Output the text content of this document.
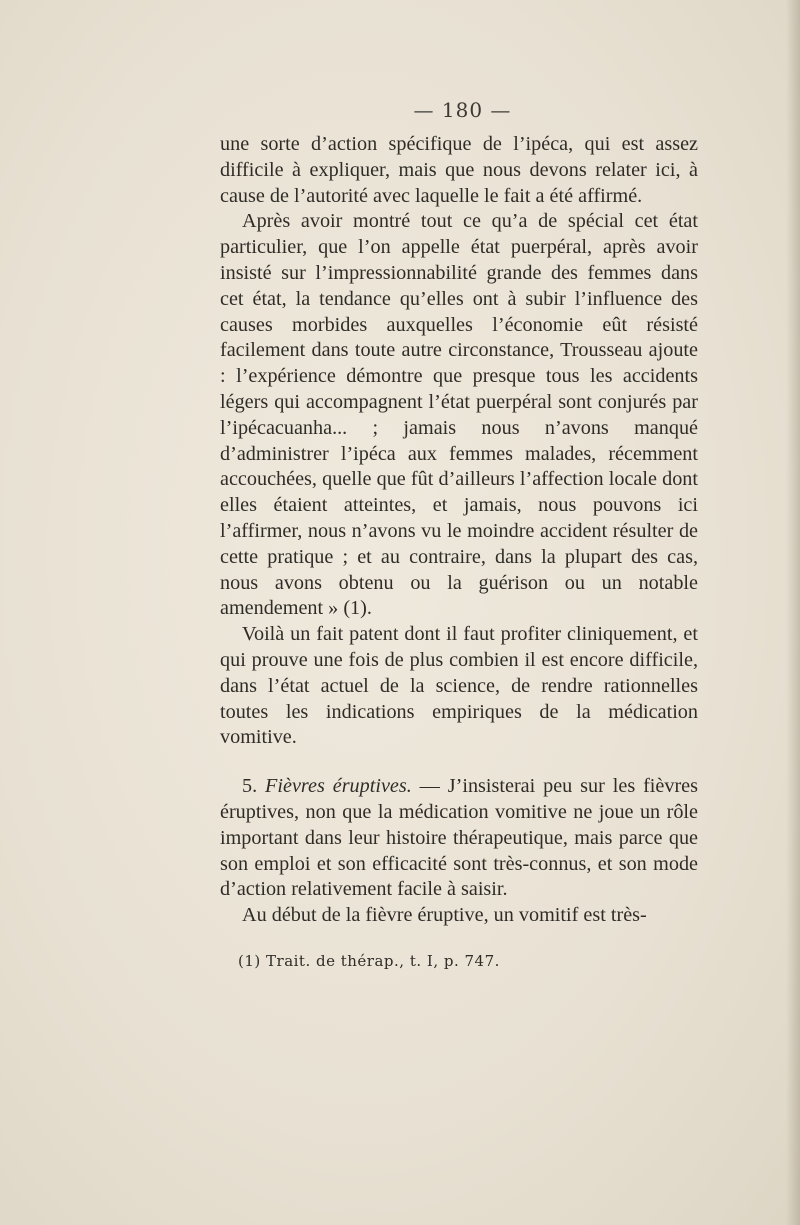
— 180 —

une sorte d’action spécifique de l’ipéca, qui est assez difficile à expliquer, mais que nous devons relater ici, à cause de l’autorité avec laquelle le fait a été affirmé.

Après avoir montré tout ce qu’a de spécial cet état particulier, que l’on appelle état puerpéral, après avoir insisté sur l’impressionnabilité grande des femmes dans cet état, la tendance qu’elles ont à subir l’influence des causes morbides auxquelles l’économie eût résisté facilement dans toute autre circonstance, Trousseau ajoute : l’expérience démontre que presque tous les accidents légers qui accompagnent l’état puerpéral sont conjurés par l’ipécacuanha... ; jamais nous n’avons manqué d’administrer l’ipéca aux femmes malades, récemment accouchées, quelle que fût d’ailleurs l’affection locale dont elles étaient atteintes, et jamais, nous pouvons ici l’affirmer, nous n’avons vu le moindre accident résulter de cette pratique ; et au contraire, dans la plupart des cas, nous avons obtenu ou la guérison ou un notable amendement » (1).

Voilà un fait patent dont il faut profiter cliniquement, et qui prouve une fois de plus combien il est encore difficile, dans l’état actuel de la science, de rendre rationnelles toutes les indications empiriques de la médication vomitive.

5. Fièvres éruptives. — J’insisterai peu sur les fièvres éruptives, non que la médication vomitive ne joue un rôle important dans leur histoire thérapeutique, mais parce que son emploi et son efficacité sont très-connus, et son mode d’action relativement facile à saisir.

Au début de la fièvre éruptive, un vomitif est très-

(1) Trait. de thérap., t. I, p. 747.
